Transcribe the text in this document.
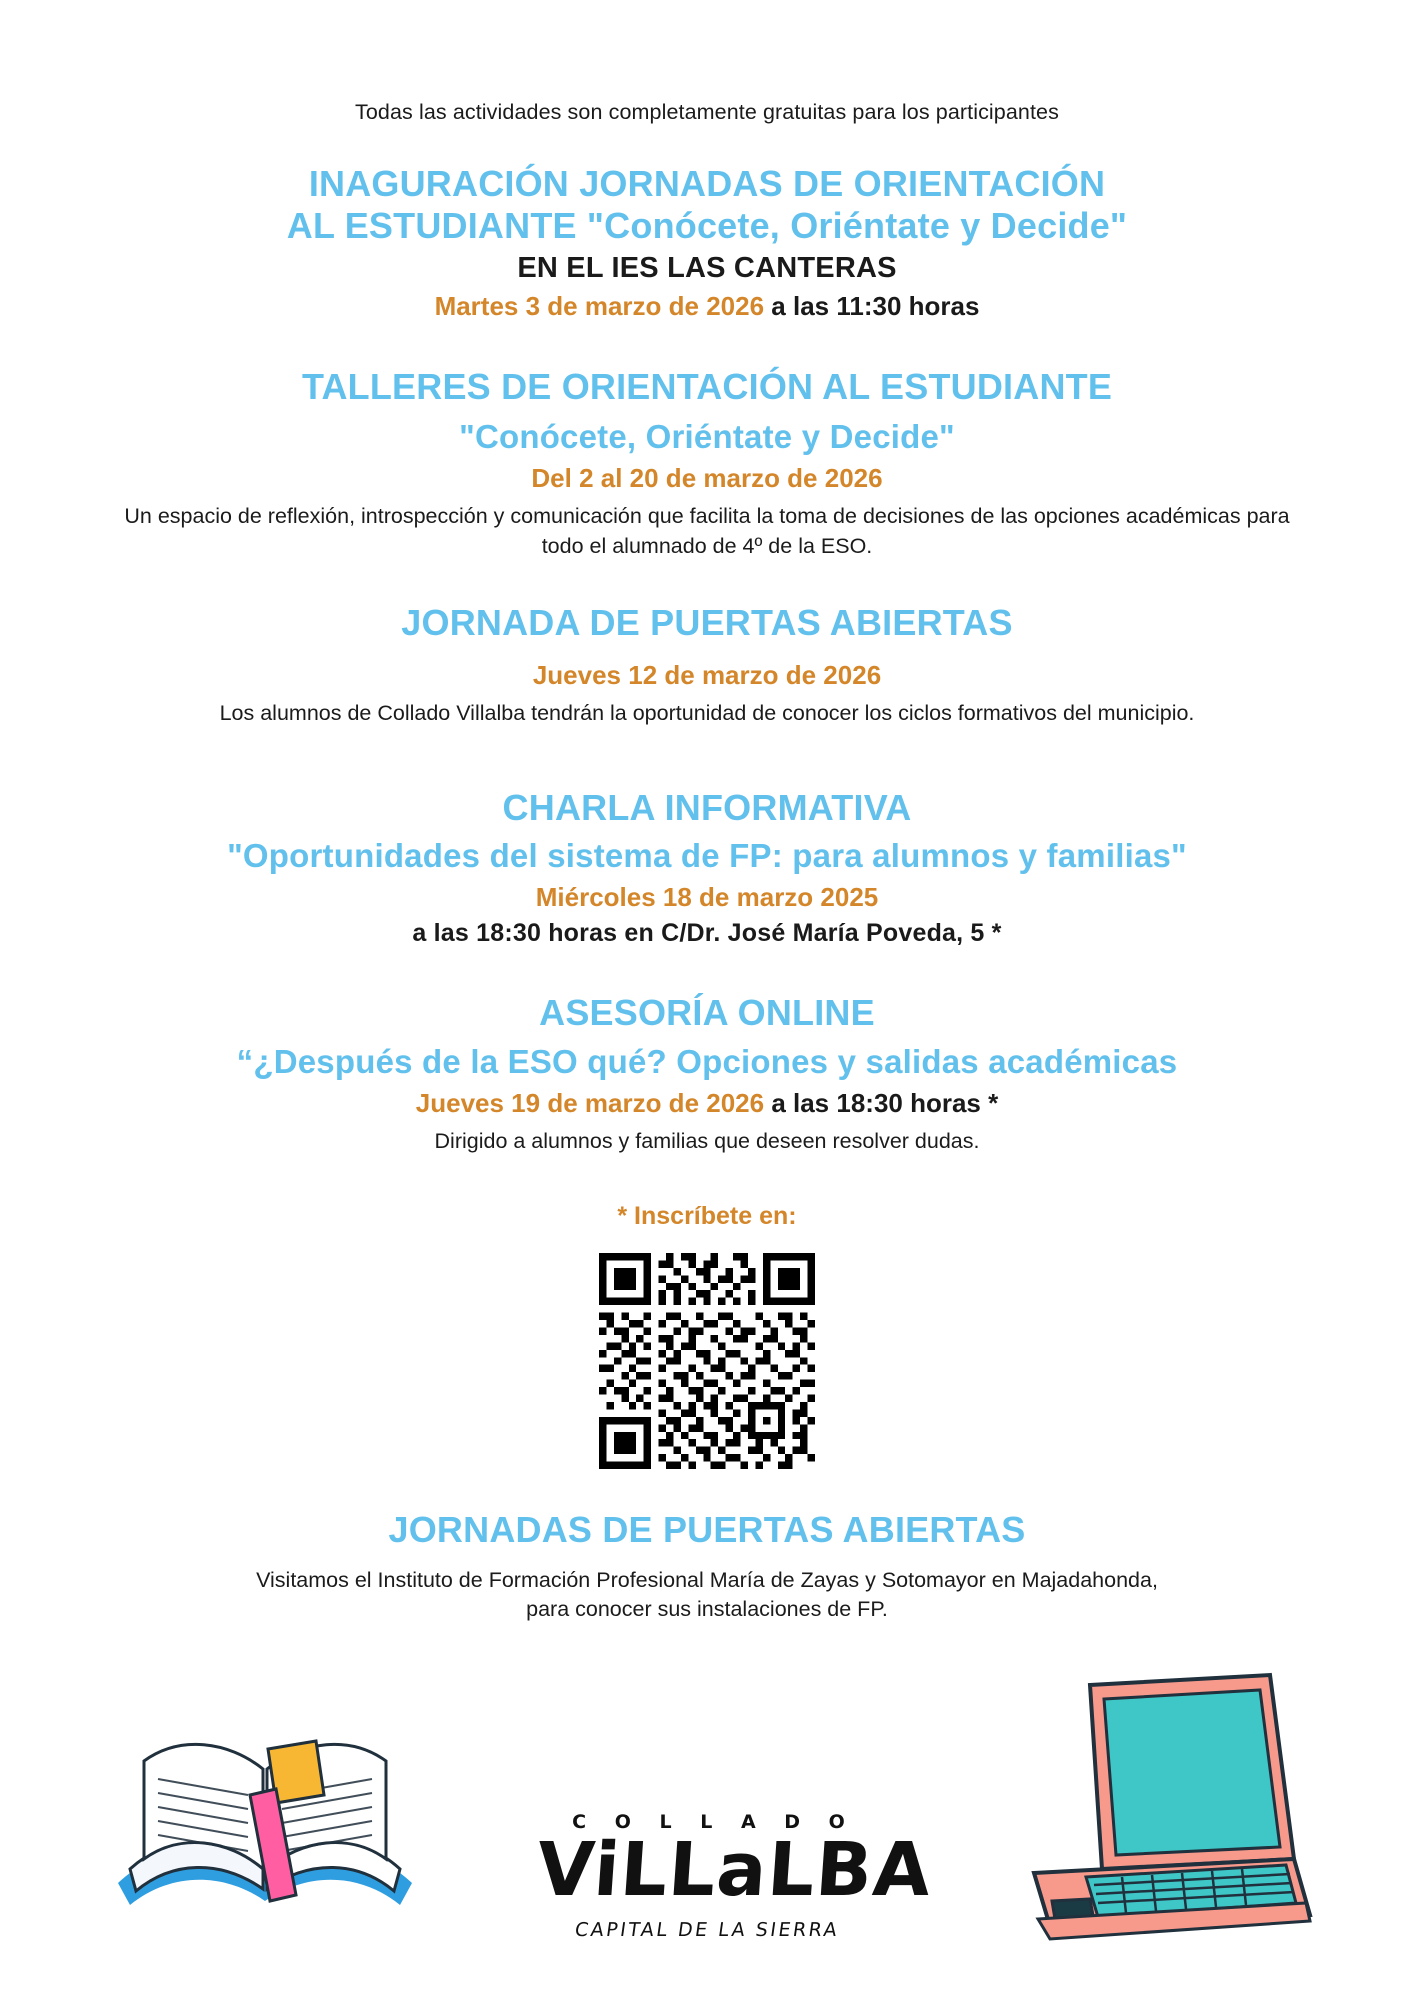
Todas las actividades son completamente gratuitas para los participantes

INAGURACIÓN JORNADAS DE ORIENTACIÓN
AL ESTUDIANTE "Conócete, Oriéntate y Decide"

EN EL IES LAS CANTERAS

Martes 3 de marzo de 2026 a las 11:30 horas

TALLERES DE ORIENTACIÓN AL ESTUDIANTE
"Conócete, Oriéntate y Decide"

Del 2 al 20 de marzo de 2026

Un espacio de reflexión, introspección y comunicación que facilita la toma de decisiones de las opciones académicas para todo el alumnado de 4º de la ESO.

JORNADA DE PUERTAS ABIERTAS

Jueves 12 de marzo de 2026

Los alumnos de Collado Villalba tendrán la oportunidad de conocer los ciclos formativos del municipio.

CHARLA INFORMATIVA
"Oportunidades del sistema de FP: para alumnos y familias"

Miércoles 18 de marzo 2025

a las 18:30 horas en C/Dr. José María Poveda, 5 *

ASESORÍA ONLINE
“¿Después de la ESO qué? Opciones y salidas académicas

Jueves 19 de marzo de 2026 a las 18:30 horas *

Dirigido a alumnos y familias que deseen resolver dudas.

* Inscríbete en:

JORNADAS DE PUERTAS ABIERTAS

Visitamos el Instituto de Formación Profesional María de Zayas y Sotomayor en Majadahonda,

para conocer sus instalaciones de FP.

C O L L A D O
ViLLaLBA
CAPITAL DE LA SIERRA
